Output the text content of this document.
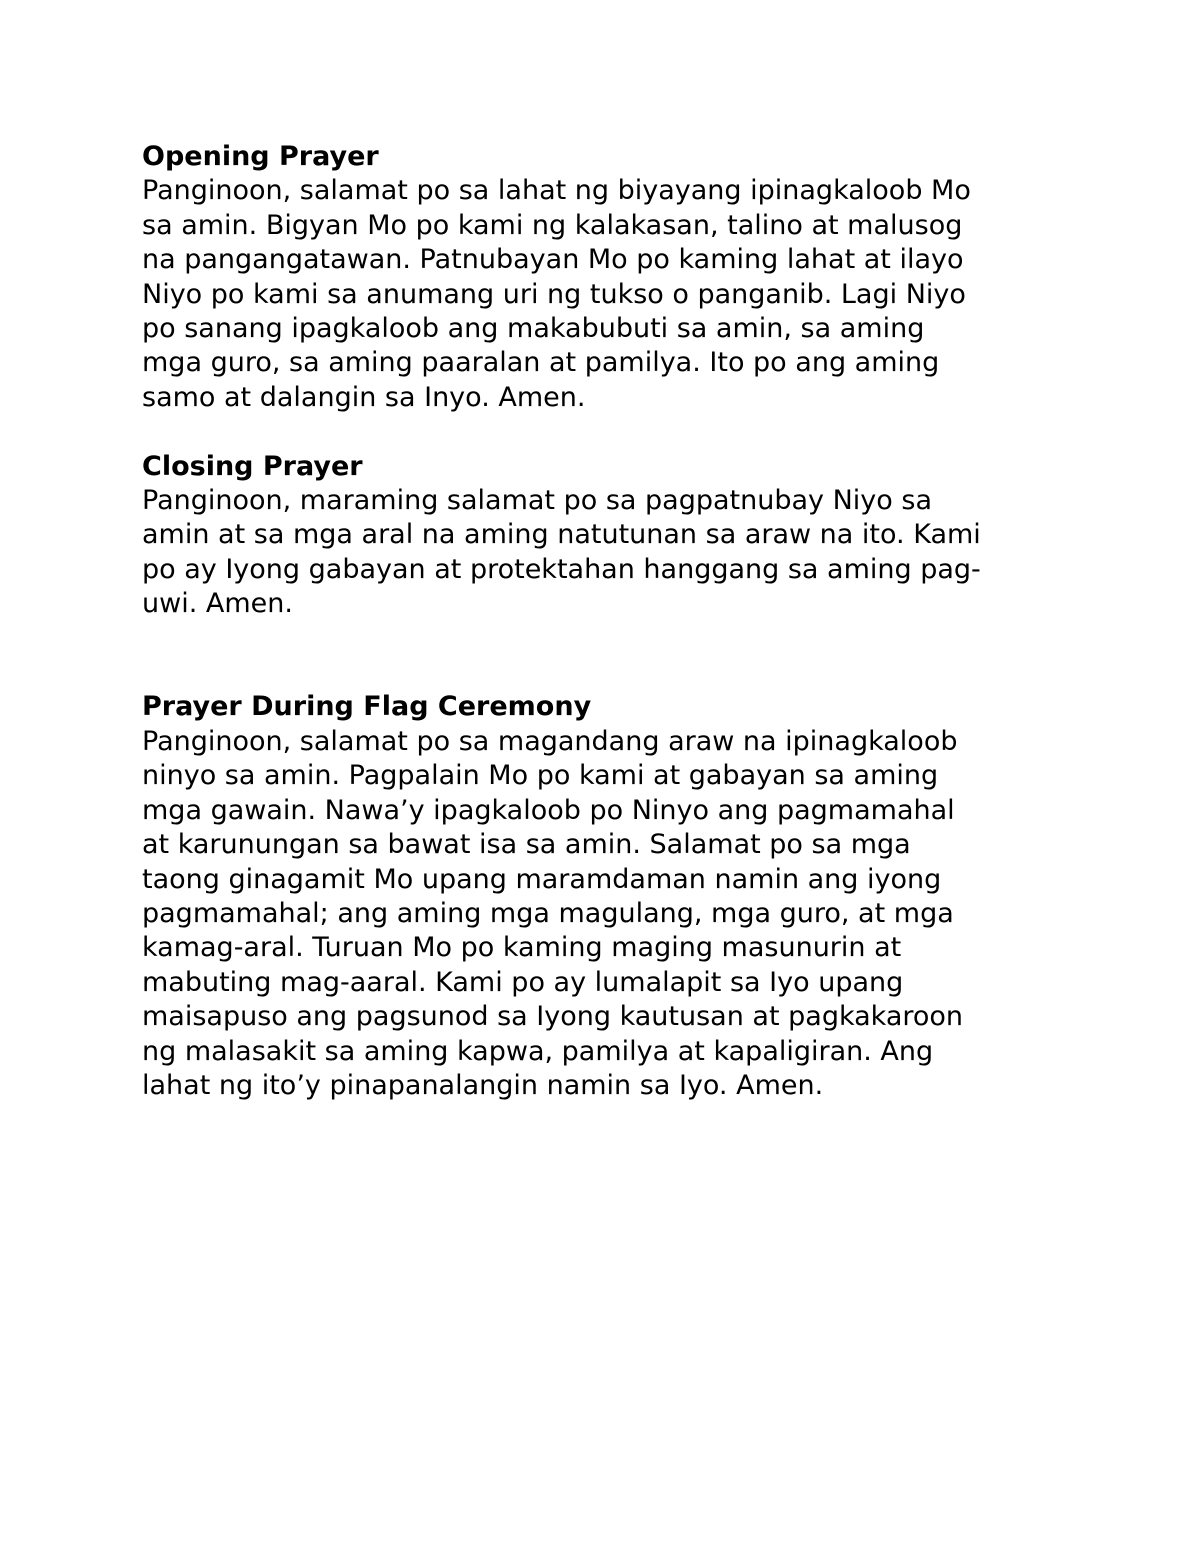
Opening Prayer

Panginoon, salamat po sa lahat ng biyayang ipinagkaloob Mo

sa amin. Bigyan Mo po kami ng kalakasan, talino at malusog

na pangangatawan. Patnubayan Mo po kaming lahat at ilayo

Niyo po kami sa anumang uri ng tukso o panganib. Lagi Niyo

po sanang ipagkaloob ang makabubuti sa amin, sa aming

mga guro, sa aming paaralan at pamilya. Ito po ang aming

samo at dalangin sa Inyo. Amen.

Closing Prayer

Panginoon, maraming salamat po sa pagpatnubay Niyo sa

amin at sa mga aral na aming natutunan sa araw na ito. Kami

po ay Iyong gabayan at protektahan hanggang sa aming pag-

uwi. Amen.

Prayer During Flag Ceremony

Panginoon, salamat po sa magandang araw na ipinagkaloob

ninyo sa amin. Pagpalain Mo po kami at gabayan sa aming

mga gawain. Nawa’y ipagkaloob po Ninyo ang pagmamahal

at karunungan sa bawat isa sa amin. Salamat po sa mga

taong ginagamit Mo upang maramdaman namin ang iyong

pagmamahal; ang aming mga magulang, mga guro, at mga

kamag-aral. Turuan Mo po kaming maging masunurin at

mabuting mag-aaral. Kami po ay lumalapit sa Iyo upang

maisapuso ang pagsunod sa Iyong kautusan at pagkakaroon

ng malasakit sa aming kapwa, pamilya at kapaligiran. Ang

lahat ng ito’y pinapanalangin namin sa Iyo. Amen.
